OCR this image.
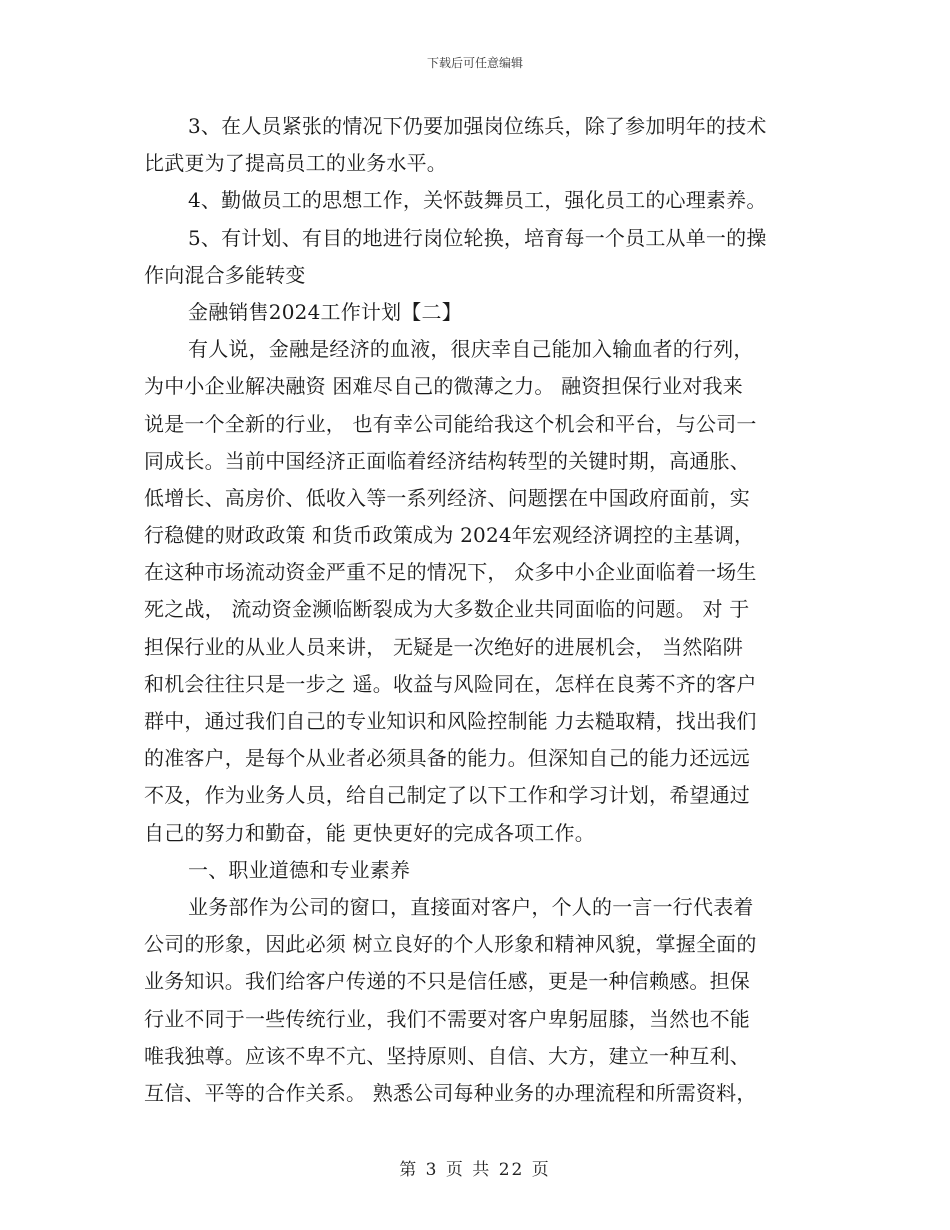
下载后可任意编辑
3、在人员紧张的情况下仍要加强岗位练兵，除了参加明年的技术
比武更为了提高员工的业务水平。
4、勤做员工的思想工作，关怀鼓舞员工，强化员工的心理素养。
5、有计划、有目的地进行岗位轮换，培育每一个员工从单一的操
作向混合多能转变
金融销售2024工作计划【二】
有人说，金融是经济的血液，很庆幸自己能加入输血者的行列，
为中小企业解决融资 困难尽自己的微薄之力。 融资担保行业对我来
说是一个全新的行业， 也有幸公司能给我这个机会和平台，与公司一
同成长。当前中国经济正面临着经济结构转型的关键时期，高通胀、
低增长、高房价、低收入等一系列经济、问题摆在中国政府面前，实
行稳健的财政政策 和货币政策成为 2024年宏观经济调控的主基调，
在这种市场流动资金严重不足的情况下， 众多中小企业面临着一场生
死之战， 流动资金濒临断裂成为大多数企业共同面临的问题。 对 于
担保行业的从业人员来讲， 无疑是一次绝好的进展机会， 当然陷阱
和机会往往只是一步之 遥。收益与风险同在，怎样在良莠不齐的客户
群中，通过我们自己的专业知识和风险控制能 力去糙取精，找出我们
的准客户，是每个从业者必须具备的能力。但深知自己的能力还远远
不及，作为业务人员，给自己制定了以下工作和学习计划，希望通过
自己的努力和勤奋，能 更快更好的完成各项工作。
一、职业道德和专业素养
业务部作为公司的窗口，直接面对客户，个人的一言一行代表着
公司的形象，因此必须 树立良好的个人形象和精神风貌，掌握全面的
业务知识。我们给客户传递的不只是信任感，更是一种信赖感。担保
行业不同于一些传统行业，我们不需要对客户卑躬屈膝，当然也不能
唯我独尊。应该不卑不亢、坚持原则、自信、大方，建立一种互利、
互信、平等的合作关系。 熟悉公司每种业务的办理流程和所需资料，
第 3 页 共 22 页
